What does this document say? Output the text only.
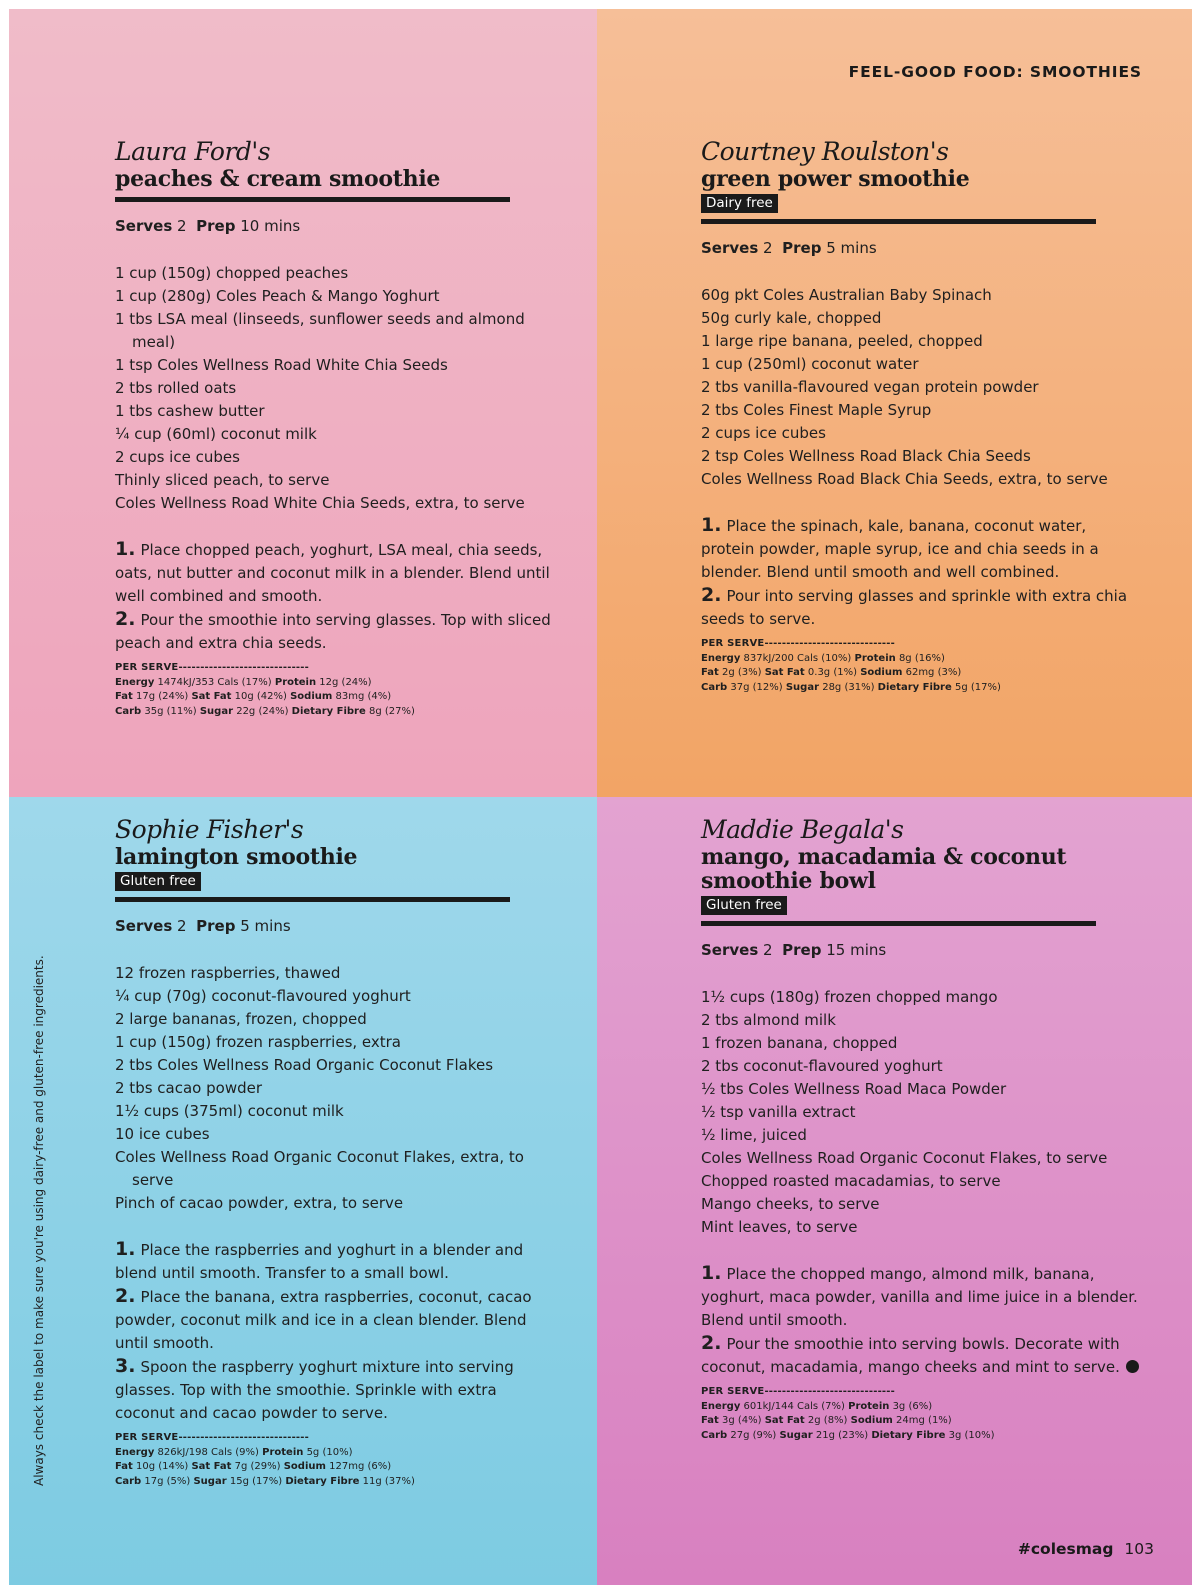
Laura Ford's
peaches & cream smoothie
Serves 2 Prep 10 mins
1 cup (150g) chopped peaches
1 cup (280g) Coles Peach & Mango Yoghurt
1 tbs LSA meal (linseeds, sunflower seeds and almond meal)
1 tsp Coles Wellness Road White Chia Seeds
2 tbs rolled oats
1 tbs cashew butter
¼ cup (60ml) coconut milk
2 cups ice cubes
Thinly sliced peach, to serve
Coles Wellness Road White Chia Seeds, extra, to serve

1. Place chopped peach, yoghurt, LSA meal, chia seeds, oats, nut butter and coconut milk in a blender. Blend until well combined and smooth.

2. Pour the smoothie into serving glasses. Top with sliced peach and extra chia seeds.

PER SERVE------------------------------
Energy 1474kJ/353 Cals (17%) Protein 12g (24%)
Fat 17g (24%) Sat Fat 10g (42%) Sodium 83mg (4%)
Carb 35g (11%) Sugar 22g (24%) Dietary Fibre 8g (27%)
FEEL-GOOD FOOD: SMOOTHIES
Courtney Roulston's
green power smoothie
Dairy free
Serves 2 Prep 5 mins
60g pkt Coles Australian Baby Spinach
50g curly kale, chopped
1 large ripe banana, peeled, chopped
1 cup (250ml) coconut water
2 tbs vanilla-flavoured vegan protein powder
2 tbs Coles Finest Maple Syrup
2 cups ice cubes
2 tsp Coles Wellness Road Black Chia Seeds
Coles Wellness Road Black Chia Seeds, extra, to serve

1. Place the spinach, kale, banana, coconut water, protein powder, maple syrup, ice and chia seeds in a blender. Blend until smooth and well combined.

2. Pour into serving glasses and sprinkle with extra chia seeds to serve.

PER SERVE------------------------------
Energy 837kJ/200 Cals (10%) Protein 8g (16%)
Fat 2g (3%) Sat Fat 0.3g (1%) Sodium 62mg (3%)
Carb 37g (12%) Sugar 28g (31%) Dietary Fibre 5g (17%)
Sophie Fisher's
lamington smoothie
Gluten free
Serves 2 Prep 5 mins
12 frozen raspberries, thawed
¼ cup (70g) coconut-flavoured yoghurt
2 large bananas, frozen, chopped
1 cup (150g) frozen raspberries, extra
2 tbs Coles Wellness Road Organic Coconut Flakes
2 tbs cacao powder
1½ cups (375ml) coconut milk
10 ice cubes
Coles Wellness Road Organic Coconut Flakes, extra, to serve
Pinch of cacao powder, extra, to serve

1. Place the raspberries and yoghurt in a blender and blend until smooth. Transfer to a small bowl.

2. Place the banana, extra raspberries, coconut, cacao powder, coconut milk and ice in a clean blender. Blend until smooth.

3. Spoon the raspberry yoghurt mixture into serving glasses. Top with the smoothie. Sprinkle with extra coconut and cacao powder to serve.

PER SERVE------------------------------
Energy 826kJ/198 Cals (9%) Protein 5g (10%)
Fat 10g (14%) Sat Fat 7g (29%) Sodium 127mg (6%)
Carb 17g (5%) Sugar 15g (17%) Dietary Fibre 11g (37%)
Maddie Begala's
mango, macadamia & coconut
smoothie bowl
Gluten free
Serves 2 Prep 15 mins
1½ cups (180g) frozen chopped mango
2 tbs almond milk
1 frozen banana, chopped
2 tbs coconut-flavoured yoghurt
½ tbs Coles Wellness Road Maca Powder
½ tsp vanilla extract
½ lime, juiced
Coles Wellness Road Organic Coconut Flakes, to serve
Chopped roasted macadamias, to serve
Mango cheeks, to serve
Mint leaves, to serve

1. Place the chopped mango, almond milk, banana, yoghurt, maca powder, vanilla and lime juice in a blender. Blend until smooth.

2. Pour the smoothie into serving bowls. Decorate with coconut, macadamia, mango cheeks and mint to serve.

PER SERVE------------------------------
Energy 601kJ/144 Cals (7%) Protein 3g (6%)
Fat 3g (4%) Sat Fat 2g (8%) Sodium 24mg (1%)
Carb 27g (9%) Sugar 21g (23%) Dietary Fibre 3g (10%)
Always check the label to make sure you're using dairy-free and gluten-free ingredients.
#colesmag 103
